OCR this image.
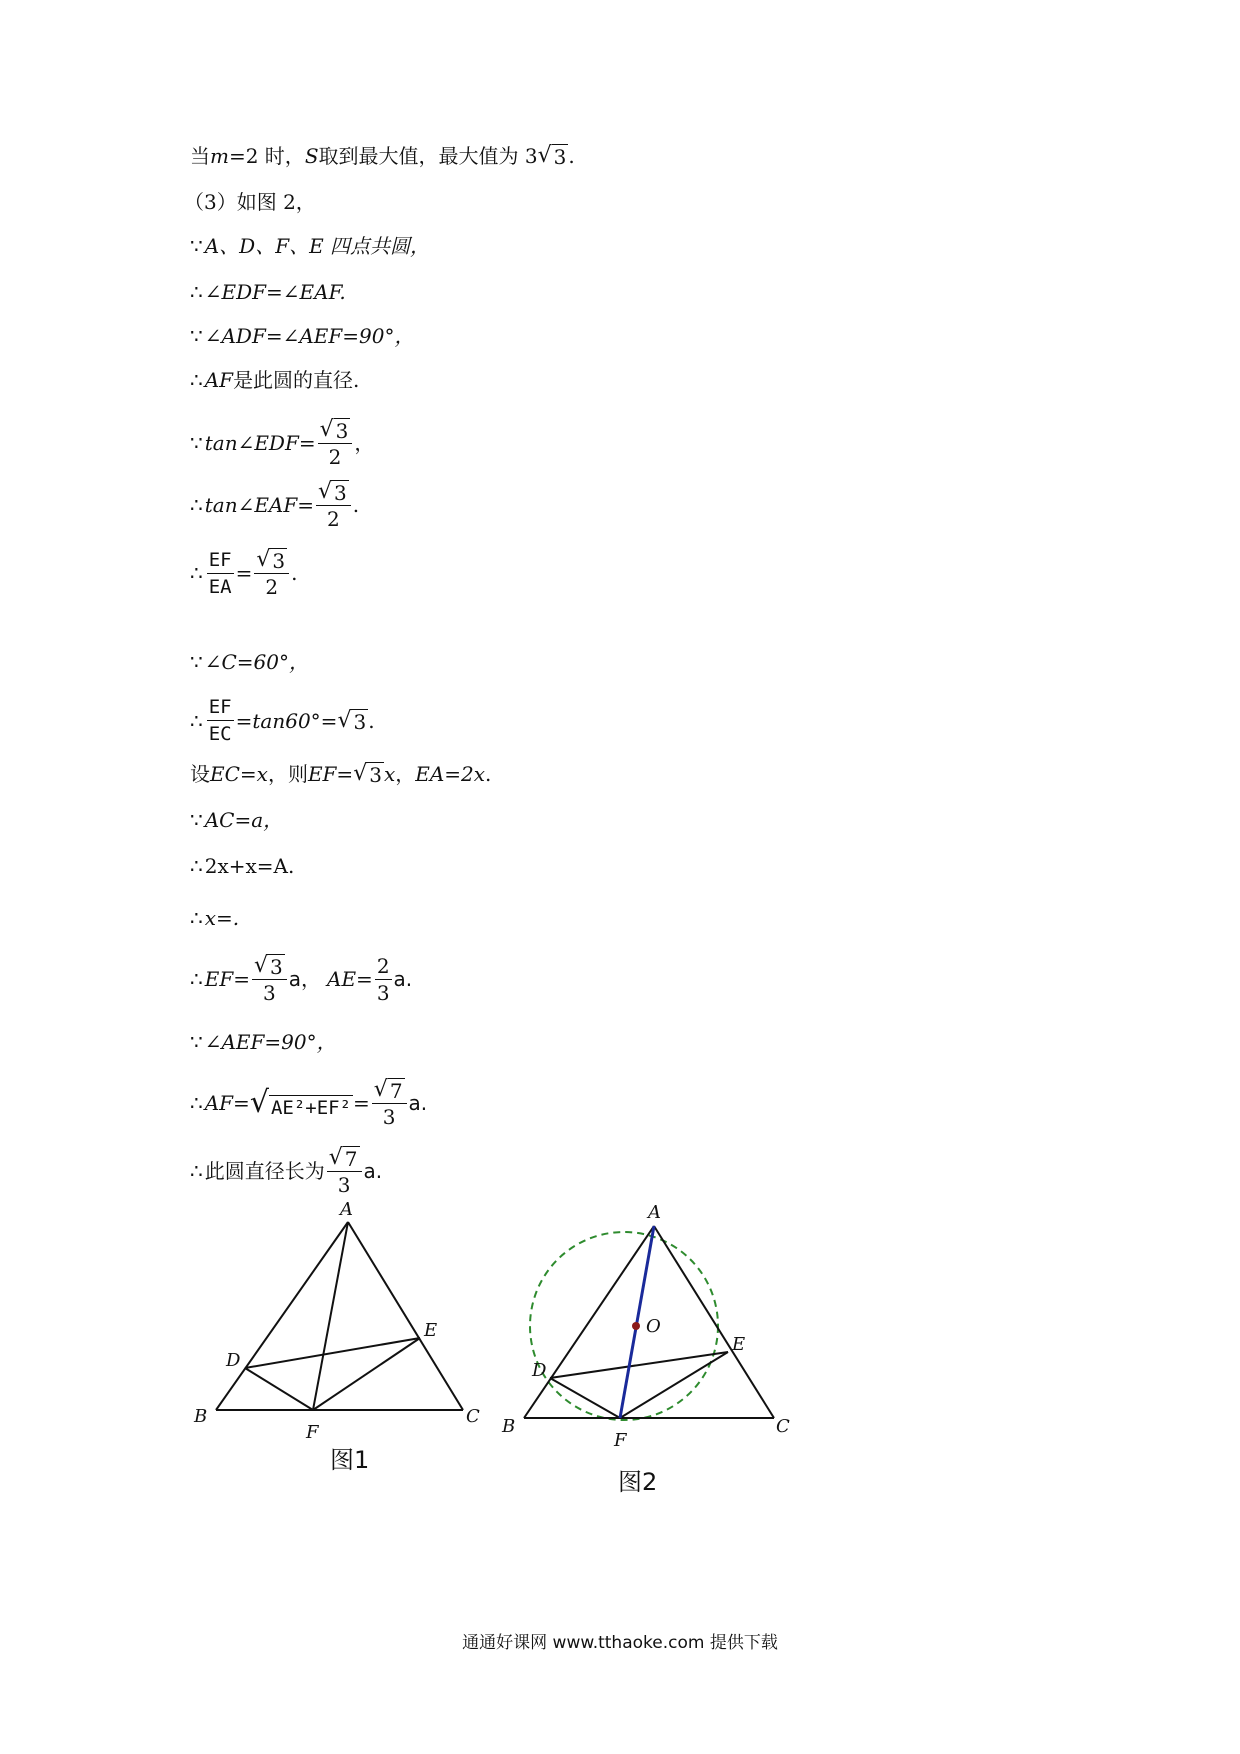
当 m =2 时， S 取到最大值，最大值为 3 √ 3 .
（3）如图 2，
∵ A、D、F、E 四点共圆，
∴ ∠EDF=∠EAF.
∵ ∠ADF=∠AEF=90°，
∴ AF 是此圆的直径.
∵ tan∠EDF= $\frac{√ 3}{2}$ ，
∴ tan∠EAF= $\frac{√ 3}{2}$ .
∴ $\frac{EF}{EA} = \frac{√ 3}{2}$ .
∵ ∠C=60°，
∴ $\frac{EF}{EC} =\tan 60^\circ=$ √ 3 .
设 EC=x ，则 EF= √ 3 x ， EA=2x .
∵ AC=a，
∴ 2x+x=A.
∴ x=.
∴ $EF= \frac{√ 3}{3}$ a， $AE= \frac{2}{3} a$.
∵ ∠AEF=90°，
∴ AF= √ $AE^2+EF^2 = \frac{√ 7}{3} a$.
∴ 此圆直径长为 $\frac{√ 7}{3} a$.
A
B	C
D
E
F
图1
A
B	C
D
E
F
O
图2
通通好课网 www.tthaoke.com 提供下载
